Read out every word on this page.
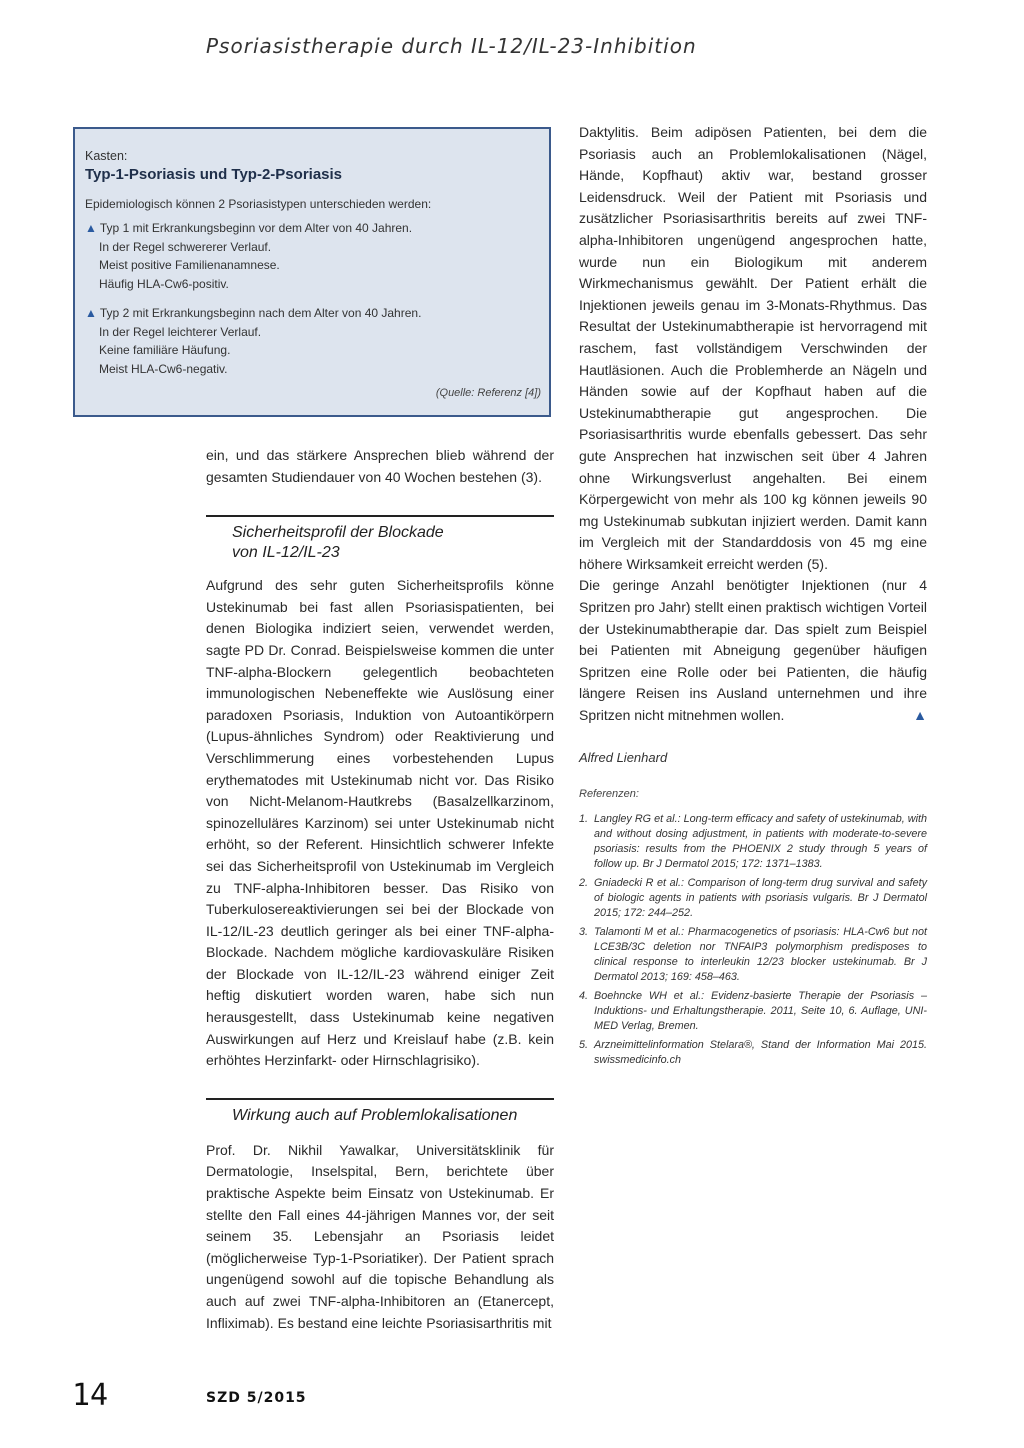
Psoriasistherapie durch IL-12/IL-23-Inhibition
Kasten:
Typ-1-Psoriasis und Typ-2-Psoriasis
Epidemiologisch können 2 Psoriasistypen unterschieden werden:
▲ Typ 1 mit Erkrankungsbeginn vor dem Alter von 40 Jahren.
In der Regel schwererer Verlauf.
Meist positive Familienanamnese.
Häufig HLA-Cw6-positiv.
▲ Typ 2 mit Erkrankungsbeginn nach dem Alter von 40 Jahren.
In der Regel leichterer Verlauf.
Keine familiäre Häufung.
Meist HLA-Cw6-negativ.
(Quelle: Referenz [4])

ein, und das stärkere Ansprechen blieb während der gesamten Studiendauer von 40 Wochen bestehen (3).

Sicherheitsprofil der Blockade
von IL-12/IL-23

Aufgrund des sehr guten Sicherheitsprofils könne Ustekinumab bei fast allen Psoriasispatienten, bei denen Biologika indiziert seien, verwendet werden, sagte PD Dr. Conrad. Beispielsweise kommen die unter TNF-alpha-Blockern gelegentlich beobachteten immunologischen Nebeneffekte wie Auslösung einer paradoxen Psoriasis, Induktion von Autoantikörpern (Lupus-ähnliches Syndrom) oder Reaktivierung und Verschlimmerung eines vorbestehenden Lupus erythematodes mit Ustekinumab nicht vor. Das Risiko von Nicht-Melanom-Hautkrebs (Basalzellkarzinom, spinozelluläres Karzinom) sei unter Ustekinumab nicht erhöht, so der Referent. Hinsichtlich schwerer Infekte sei das Sicherheitsprofil von Ustekinumab im Vergleich zu TNF-alpha-Inhibitoren besser. Das Risiko von Tuberkulosereaktivierungen sei bei der Blockade von IL-12/IL-23 deutlich geringer als bei einer TNF-alpha-Blockade. Nachdem mögliche kardiovaskuläre Risiken der Blockade von IL-12/IL-23 während einiger Zeit heftig diskutiert worden waren, habe sich nun herausgestellt, dass Ustekinumab keine negativen Auswirkungen auf Herz und Kreislauf habe (z.B. kein erhöhtes Herzinfarkt- oder Hirnschlagrisiko).

Wirkung auch auf Problemlokalisationen

Prof. Dr. Nikhil Yawalkar, Universitätsklinik für Dermatologie, Inselspital, Bern, berichtete über praktische Aspekte beim Einsatz von Ustekinumab. Er stellte den Fall eines 44-jährigen Mannes vor, der seit seinem 35. Lebensjahr an Psoriasis leidet (möglicherweise Typ-1-Psoriatiker). Der Patient sprach ungenügend sowohl auf die topische Behandlung als auch auf zwei TNF-alpha-Inhibitoren an (Etanercept, Infliximab). Es bestand eine leichte Psoriasisarthritis mit

Daktylitis. Beim adipösen Patienten, bei dem die Psoriasis auch an Problemlokalisationen (Nägel, Hände, Kopfhaut) aktiv war, bestand grosser Leidensdruck. Weil der Patient mit Psoriasis und zusätzlicher Psoriasisarthritis bereits auf zwei TNF-alpha-Inhibitoren ungenügend angesprochen hatte, wurde nun ein Biologikum mit anderem Wirkmechanismus gewählt. Der Patient erhält die Injektionen jeweils genau im 3-Monats-Rhythmus. Das Resultat der Ustekinumabtherapie ist hervorragend mit raschem, fast vollständigem Verschwinden der Hautläsionen. Auch die Problemherde an Nägeln und Händen sowie auf der Kopfhaut haben auf die Ustekinumabtherapie gut angesprochen. Die Psoriasisarthritis wurde ebenfalls gebessert. Das sehr gute Ansprechen hat inzwischen seit über 4 Jahren ohne Wirkungsverlust angehalten. Bei einem Körpergewicht von mehr als 100 kg können jeweils 90 mg Ustekinumab subkutan injiziert werden. Damit kann im Vergleich mit der Standarddosis von 45 mg eine höhere Wirksamkeit erreicht werden (5).

Die geringe Anzahl benötigter Injektionen (nur 4 Spritzen pro Jahr) stellt einen praktisch wichtigen Vorteil der Ustekinumabtherapie dar. Das spielt zum Beispiel bei Patienten mit Abneigung gegenüber häufigen Spritzen eine Rolle oder bei Patienten, die häufig längere Reisen ins Ausland unternehmen und ihre Spritzen nicht mitnehmen wollen.	▲

Alfred Lienhard
Referenzen:
1. Langley RG et al.: Long-term efficacy and safety of ustekinumab, with and without dosing adjustment, in patients with moderate-to-severe psoriasis: results from the PHOENIX 2 study through 5 years of follow up. Br J Dermatol 2015; 172: 1371–1383.
2. Gniadecki R et al.: Comparison of long-term drug survival and safety of biologic agents in patients with psoriasis vulgaris. Br J Dermatol 2015; 172: 244–252.
3. Talamonti M et al.: Pharmacogenetics of psoriasis: HLA-Cw6 but not LCE3B/3C deletion nor TNFAIP3 polymorphism predisposes to clinical response to interleukin 12/23 blocker ustekinumab. Br J Dermatol 2013; 169: 458–463.
4. Boehncke WH et al.: Evidenz-basierte Therapie der Psoriasis – Induktions- und Erhaltungstherapie. 2011, Seite 10, 6. Auflage, UNI-MED Verlag, Bremen.
5. Arzneimittelinformation Stelara®, Stand der Information Mai 2015. swissmedicinfo.ch
14	SZD 5/2015
